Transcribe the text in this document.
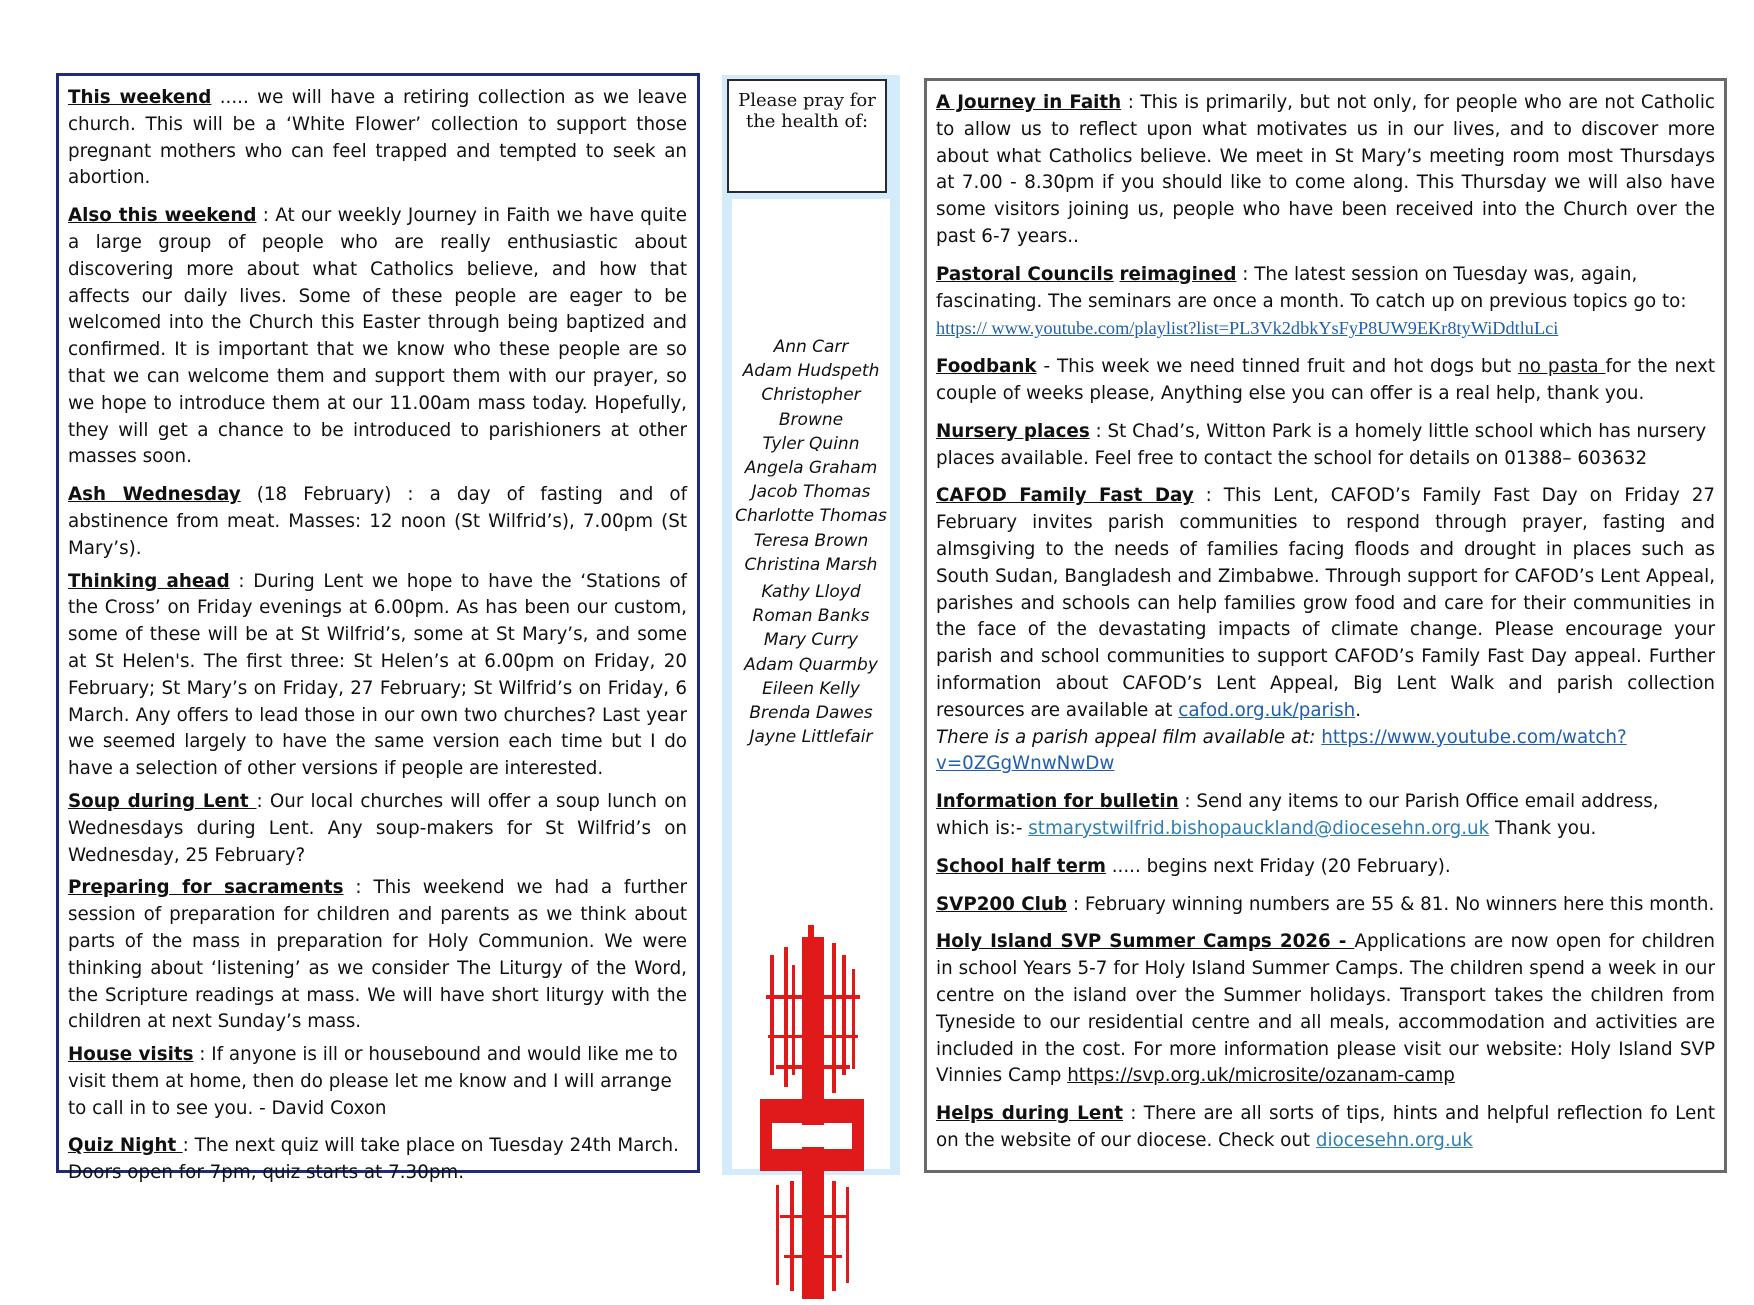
This weekend ..... we will have a retiring collection as we leave church. This will be a ‘White Flower’ collection to support those pregnant mothers who can feel trapped and tempted to seek an abortion.

Also this weekend : At our weekly Journey in Faith we have quite a large group of people who are really enthusiastic about discovering more about what Catholics believe, and how that affects our daily lives. Some of these people are eager to be welcomed into the Church this Easter through being baptized and confirmed. It is important that we know who these people are so that we can welcome them and support them with our prayer, so we hope to introduce them at our 11.00am mass today. Hopefully, they will get a chance to be introduced to parishioners at other masses soon.

Ash Wednesday (18 February) : a day of fasting and of abstinence from meat. Masses: 12 noon (St Wilfrid’s), 7.00pm (St Mary’s).

Thinking ahead : During Lent we hope to have the ‘Stations of the Cross’ on Friday evenings at 6.00pm. As has been our custom, some of these will be at St Wilfrid’s, some at St Mary’s, and some at St Helen's. The first three: St Helen’s at 6.00pm on Friday, 20 February; St Mary’s on Friday, 27 February; St Wilfrid’s on Friday, 6 March. Any offers to lead those in our own two churches? Last year we seemed largely to have the same version each time but I do have a selection of other versions if people are interested.

Soup during Lent : Our local churches will offer a soup lunch on Wednesdays during Lent. Any soup-makers for St Wilfrid’s on Wednesday, 25 February?

Preparing for sacraments : This weekend we had a further session of preparation for children and parents as we think about parts of the mass in preparation for Holy Communion. We were thinking about ‘listening’ as we consider The Liturgy of the Word, the Scripture readings at mass. We will have short liturgy with the children at next Sunday’s mass.

House visits : If anyone is ill or housebound and would like me to visit them at home, then do please let me know and I will arrange to call in to see you. - David Coxon

Quiz Night : The next quiz will take place on Tuesday 24th March. Doors open for 7pm, quiz starts at 7.30pm.

Please pray for the health of:
Ann Carr
Adam Hudspeth
Christopher
Browne
Tyler Quinn
Angela Graham
Jacob Thomas
Charlotte Thomas
Teresa Brown
Christina Marsh
Kathy Lloyd
Roman Banks
Mary Curry
Adam Quarmby
Eileen Kelly
Brenda Dawes
Jayne Littlefair

A Journey in Faith : This is primarily, but not only, for people who are not Catholic to allow us to reflect upon what motivates us in our lives, and to discover more about what Catholics believe. We meet in St Mary’s meeting room most Thursdays at 7.00 - 8.30pm if you should like to come along. This Thursday we will also have some visitors joining us, people who have been received into the Church over the past 6-7 years..

Pastoral Councils reimagined : The latest session on Tuesday was, again, fascinating. The seminars are once a month. To catch up on previous topics go to: https:// www.youtube.com/playlist?list=PL3Vk2dbkYsFyP8UW9EKr8tyWiDdtluLci

Foodbank - This week we need tinned fruit and hot dogs but no pasta for the next couple of weeks please, Anything else you can offer is a real help, thank you.

Nursery places : St Chad’s, Witton Park is a homely little school which has nursery places available. Feel free to contact the school for details on 01388– 603632

CAFOD Family Fast Day : This Lent, CAFOD’s Family Fast Day on Friday 27 February invites parish communities to respond through prayer, fasting and almsgiving to the needs of families facing floods and drought in places such as South Sudan, Bangladesh and Zimbabwe. Through support for CAFOD’s Lent Appeal, parishes and schools can help families grow food and care for their communities in the face of the devastating impacts of climate change. Please encourage your parish and school communities to support CAFOD’s Family Fast Day appeal. Further information about CAFOD’s Lent Appeal, Big Lent Walk and parish collection resources are available at cafod.org.uk/parish.

There is a parish appeal film available at: https://www.youtube.com/watch? v=0ZGgWnwNwDw

Information for bulletin : Send any items to our Parish Office email address, which is:- stmarystwilfrid.bishopauckland@diocesehn.org.uk Thank you.

School half term ..... begins next Friday (20 February).

SVP200 Club : February winning numbers are 55 & 81. No winners here this month.

Holy Island SVP Summer Camps 2026 - Applications are now open for children in school Years 5-7 for Holy Island Summer Camps. The children spend a week in our centre on the island over the Summer holidays. Transport takes the children from Tyneside to our residential centre and all meals, accommodation and activities are included in the cost. For more information please visit our website: Holy Island SVP Vinnies Camp https://svp.org.uk/microsite/ozanam-camp

Helps during Lent : There are all sorts of tips, hints and helpful reflection fo Lent on the website of our diocese. Check out diocesehn.org.uk
